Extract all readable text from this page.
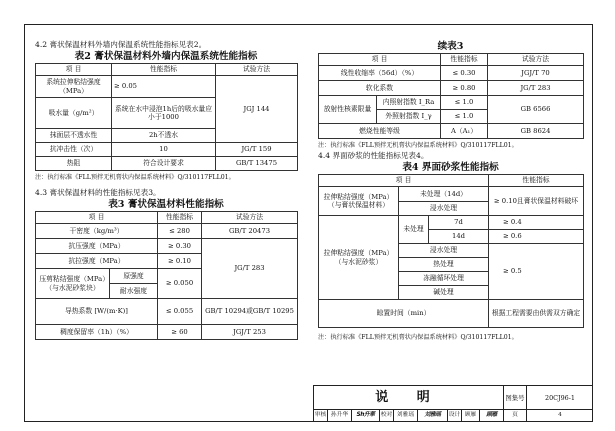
4.2 膏状保温材料外墙内保温系统性能指标见表2。
表2 膏状保温材料外墙内保温系统性能指标
项 目	性能指标	试验方法
系统拉伸粘结强度（MPa）	≥ 0.05	JGJ 144
吸水量（g/m²）	系统在水中浸泡1h后的吸水量应小于1000	
抹面层不透水性	2h不透水	
抗冲击性（次）	10	JG/T 159
热阻	符合设计要求	GB/T 13475
注：执行标准《FLL预拌无机膏状内保温系统材料》Q/310117FLL01。
4.3 膏状保温材料的性能指标见表3。
表3 膏状保温材料性能指标
项 目		性能指标	试验方法
干密度（kg/m³）		≤ 280	GB/T 20473
抗压强度（MPa）		≥ 0.30	JG/T 283
抗拉强度（MPa）		≥ 0.10	
压剪粘结强度（MPa）（与水泥砂浆块）	原强度	≥ 0.050	
	耐水强度		
导热系数 [W/(m·K)]		≤ 0.055	GB/T 10294或GB/T 10295
稠度保留率（1h）（%）		≥ 60	JGJ/T 253
续表3
项 目		性能指标	试验方法
线性收缩率（56d）（%）		≤ 0.30	JGJ/T 70
软化系数		≥ 0.80	JG/T 283
放射性核素限量	内照射指数 I_Ra	≤ 1.0	GB 6566
	外照射指数 I_γ	≤ 1.0	
燃烧性能等级		A（A₁）	GB 8624
注：执行标准《FLL预拌无机膏状内保温系统材料》Q/310117FLL01。
4.4 界面砂浆的性能指标见表4。
表4 界面砂浆性能指标
项 目			性能指标
拉伸粘结强度（MPa）（与膏状保温材料）	未处理（14d）		≥ 0.10且膏状保温材料破坏
	浸水处理		
拉伸粘结强度（MPa）（与水泥砂浆）	未处理	7d	≥ 0.4
		14d	≥ 0.6
	浸水处理		≥ 0.5
	热处理		
	冻融循环处理		
	碱处理		
晾置时间（min）			根据工程需要由供需双方确定
注：执行标准《FLL预拌无机膏状内保温系统材料》Q/310117FLL01。
说 明	图集号	20CJ96-1
审核 孙升华	Sh升華	校对 刘雅瑶	刘雅瑶	设计 顾雁	顾雁	页	4
